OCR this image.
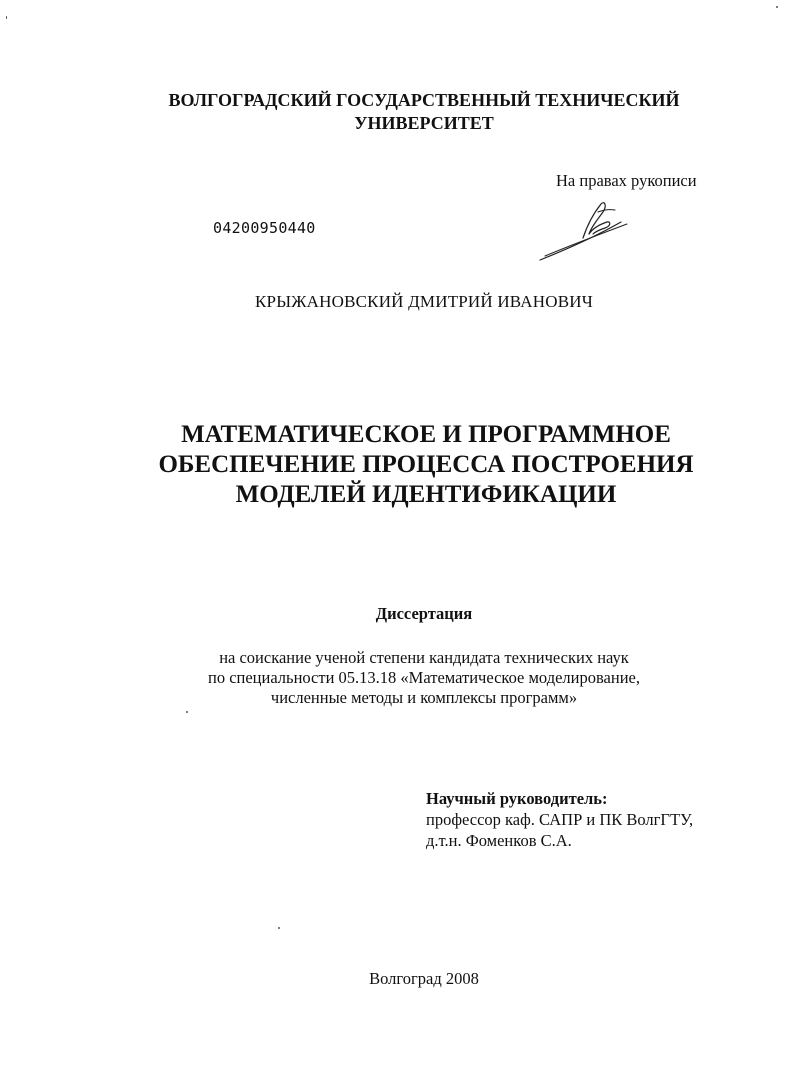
ВОЛГОГРАДСКИЙ ГОСУДАРСТВЕННЫЙ ТЕХНИЧЕСКИЙ
УНИВЕРСИТЕТ
На правах рукописи
04200950440
КРЫЖАНОВСКИЙ ДМИТРИЙ ИВАНОВИЧ
МАТЕМАТИЧЕСКОЕ И ПРОГРАММНОЕ
ОБЕСПЕЧЕНИЕ ПРОЦЕССА ПОСТРОЕНИЯ
МОДЕЛЕЙ ИДЕНТИФИКАЦИИ
Диссертация
на соискание ученой степени кандидата технических наук
по специальности 05.13.18 «Математическое моделирование,
численные методы и комплексы программ»
Научный руководитель:
профессор каф. САПР и ПК ВолгГТУ,
д.т.н. Фоменков С.А.
Волгоград 2008
